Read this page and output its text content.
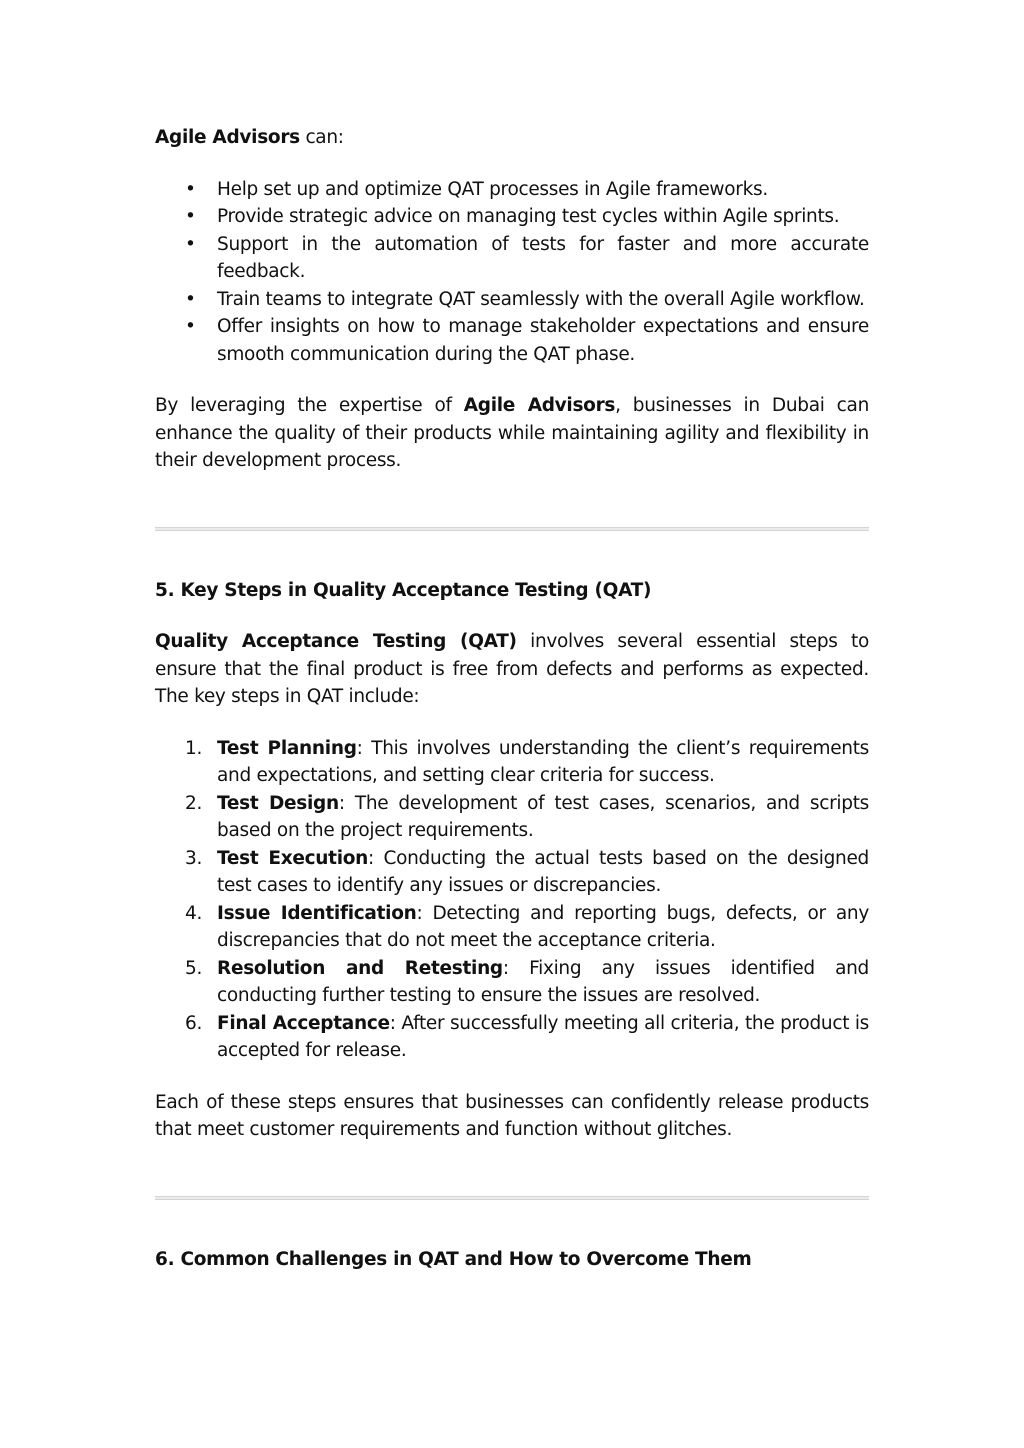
Agile Advisors can:

• Help set up and optimize QAT processes in Agile frameworks.
• Provide strategic advice on managing test cycles within Agile sprints.
• Support in the automation of tests for faster and more accurate feedback.
• Train teams to integrate QAT seamlessly with the overall Agile workflow.
• Offer insights on how to manage stakeholder expectations and ensure smooth communication during the QAT phase.

By leveraging the expertise of Agile Advisors, businesses in Dubai can enhance the quality of their products while maintaining agility and flexibility in their development process.

5. Key Steps in Quality Acceptance Testing (QAT)

Quality Acceptance Testing (QAT) involves several essential steps to ensure that the final product is free from defects and performs as expected. The key steps in QAT include:

1. Test Planning: This involves understanding the client’s requirements and expectations, and setting clear criteria for success.
2. Test Design: The development of test cases, scenarios, and scripts based on the project requirements.
3. Test Execution: Conducting the actual tests based on the designed test cases to identify any issues or discrepancies.
4. Issue Identification: Detecting and reporting bugs, defects, or any discrepancies that do not meet the acceptance criteria.
5. Resolution and Retesting: Fixing any issues identified and conducting further testing to ensure the issues are resolved.
6. Final Acceptance: After successfully meeting all criteria, the product is accepted for release.

Each of these steps ensures that businesses can confidently release products that meet customer requirements and function without glitches.

6. Common Challenges in QAT and How to Overcome Them
